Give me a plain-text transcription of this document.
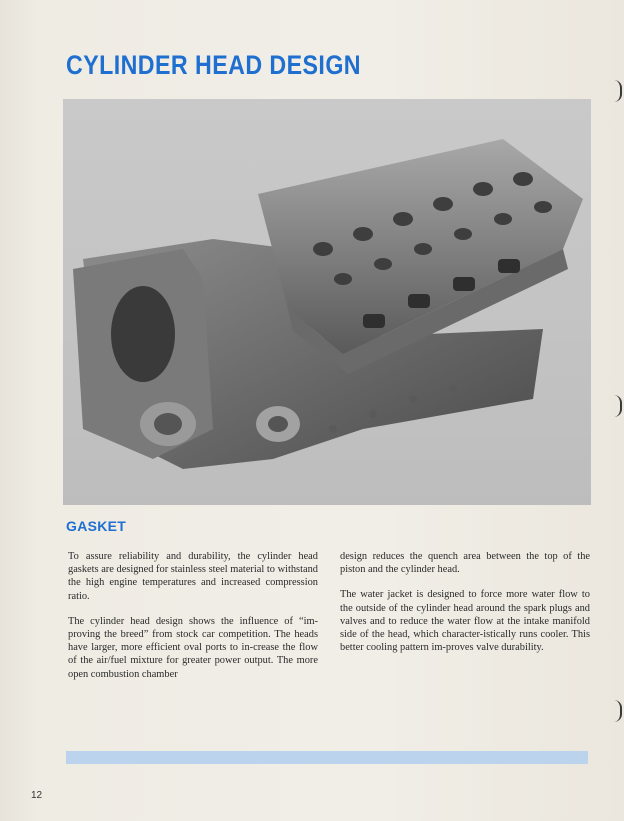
CYLINDER HEAD DESIGN
GASKET

To assure reliability and durability, the cylinder head gaskets are designed for stainless steel material to withstand the high engine temperatures and increased compression ratio.

The cylinder head design shows the influence of “im-proving the breed” from stock car competition. The heads have larger, more efficient oval ports to in-crease the flow of the air/fuel mixture for greater power output. The more open combustion chamber

design reduces the quench area between the top of the piston and the cylinder head.

The water jacket is designed to force more water flow to the outside of the cylinder head around the spark plugs and valves and to reduce the water flow at the intake manifold side of the head, which character-istically runs cooler. This better cooling pattern im-proves valve durability.

12
